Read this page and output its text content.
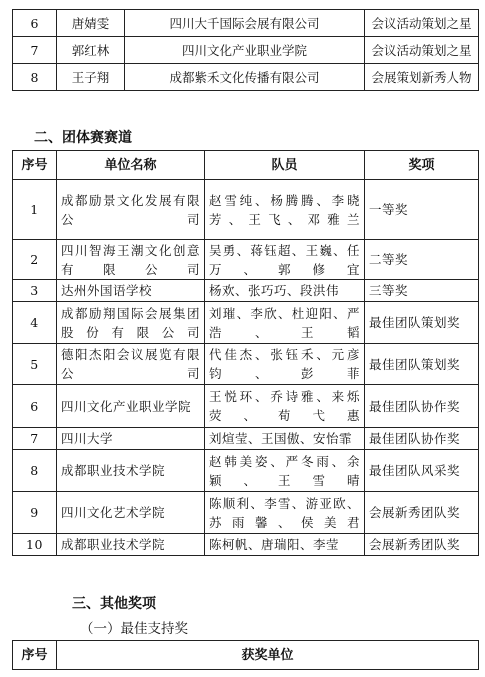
6	唐婧雯	四川大千国际会展有限公司	会议活动策划之星
7	郭红林	四川文化产业职业学院	会议活动策划之星
8	王子翔	成都紫禾文化传播有限公司	会展策划新秀人物
二、团体赛赛道
序号	单位名称	队员	奖项
1	成都励景文化发展有限公司	赵雪纯、杨腾腾、李晓芳、王飞、邓雅兰	一等奖
2	四川智海王潮文化创意有限公司	吴勇、蒋钰超、王巍、任万、郭修宜	二等奖
3	达州外国语学校	杨欢、张巧巧、段洪伟	三等奖
4	成都励翔国际会展集团股份有限公司	刘璀、李欣、杜迎阳、严浩、王韬	最佳团队策划奖
5	德阳杰阳会议展览有限公司	代佳杰、张钰禾、元彦钧、彭菲	最佳团队策划奖
6	四川文化产业职业学院	王悦环、乔诗雅、来烁荧、荀弋惠	最佳团队协作奖
7	四川大学	刘煊莹、王国傲、安怡霏	最佳团队协作奖
8	成都职业技术学院	赵韩美姿、严冬雨、余颖、王雪晴	最佳团队风采奖
9	四川文化艺术学院	陈顺利、李雪、游亚欧、苏雨馨、侯美君	会展新秀团队奖
10	成都职业技术学院	陈柯帆、唐瑞阳、李莹	会展新秀团队奖
三、其他奖项
（一）最佳支持奖
序号	获奖单位
